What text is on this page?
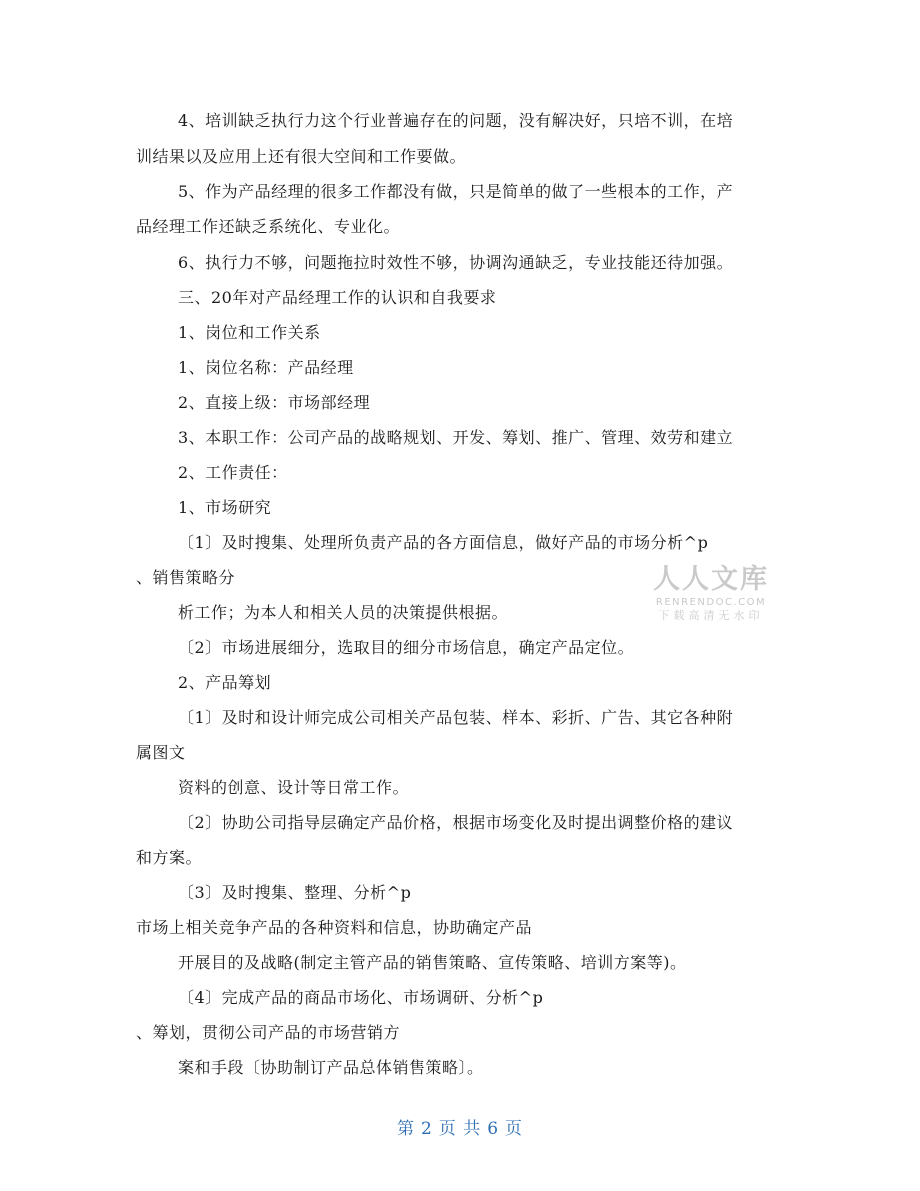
4、培训缺乏执行力这个行业普遍存在的问题，没有解决好，只培不训，在培
训结果以及应用上还有很大空间和工作要做。
5、作为产品经理的很多工作都没有做，只是简单的做了一些根本的工作，产
品经理工作还缺乏系统化、专业化。
6、执行力不够，问题拖拉时效性不够，协调沟通缺乏，专业技能还待加强。
三、20年对产品经理工作的认识和自我要求
1、岗位和工作关系
1、岗位名称：产品经理
2、直接上级：市场部经理
3、本职工作：公司产品的战略规划、开发、筹划、推广、管理、效劳和建立
2、工作责任：
1、市场研究
〔1〕及时搜集、处理所负责产品的各方面信息，做好产品的市场分析^p
、销售策略分
析工作；为本人和相关人员的决策提供根据。
〔2〕市场进展细分，选取目的细分市场信息，确定产品定位。
2、产品筹划
〔1〕及时和设计师完成公司相关产品包装、样本、彩折、广告、其它各种附
属图文
资料的创意、设计等日常工作。
〔2〕协助公司指导层确定产品价格，根据市场变化及时提出调整价格的建议
和方案。
〔3〕及时搜集、整理、分析^p
市场上相关竞争产品的各种资料和信息，协助确定产品
开展目的及战略(制定主管产品的销售策略、宣传策略、培训方案等)。
〔4〕完成产品的商品市场化、市场调研、分析^p
、筹划，贯彻公司产品的市场营销方
案和手段〔协助制订产品总体销售策略〕。
人人文库
RENRENDOC.COM
下载高清无水印
第 2 页 共 6 页
